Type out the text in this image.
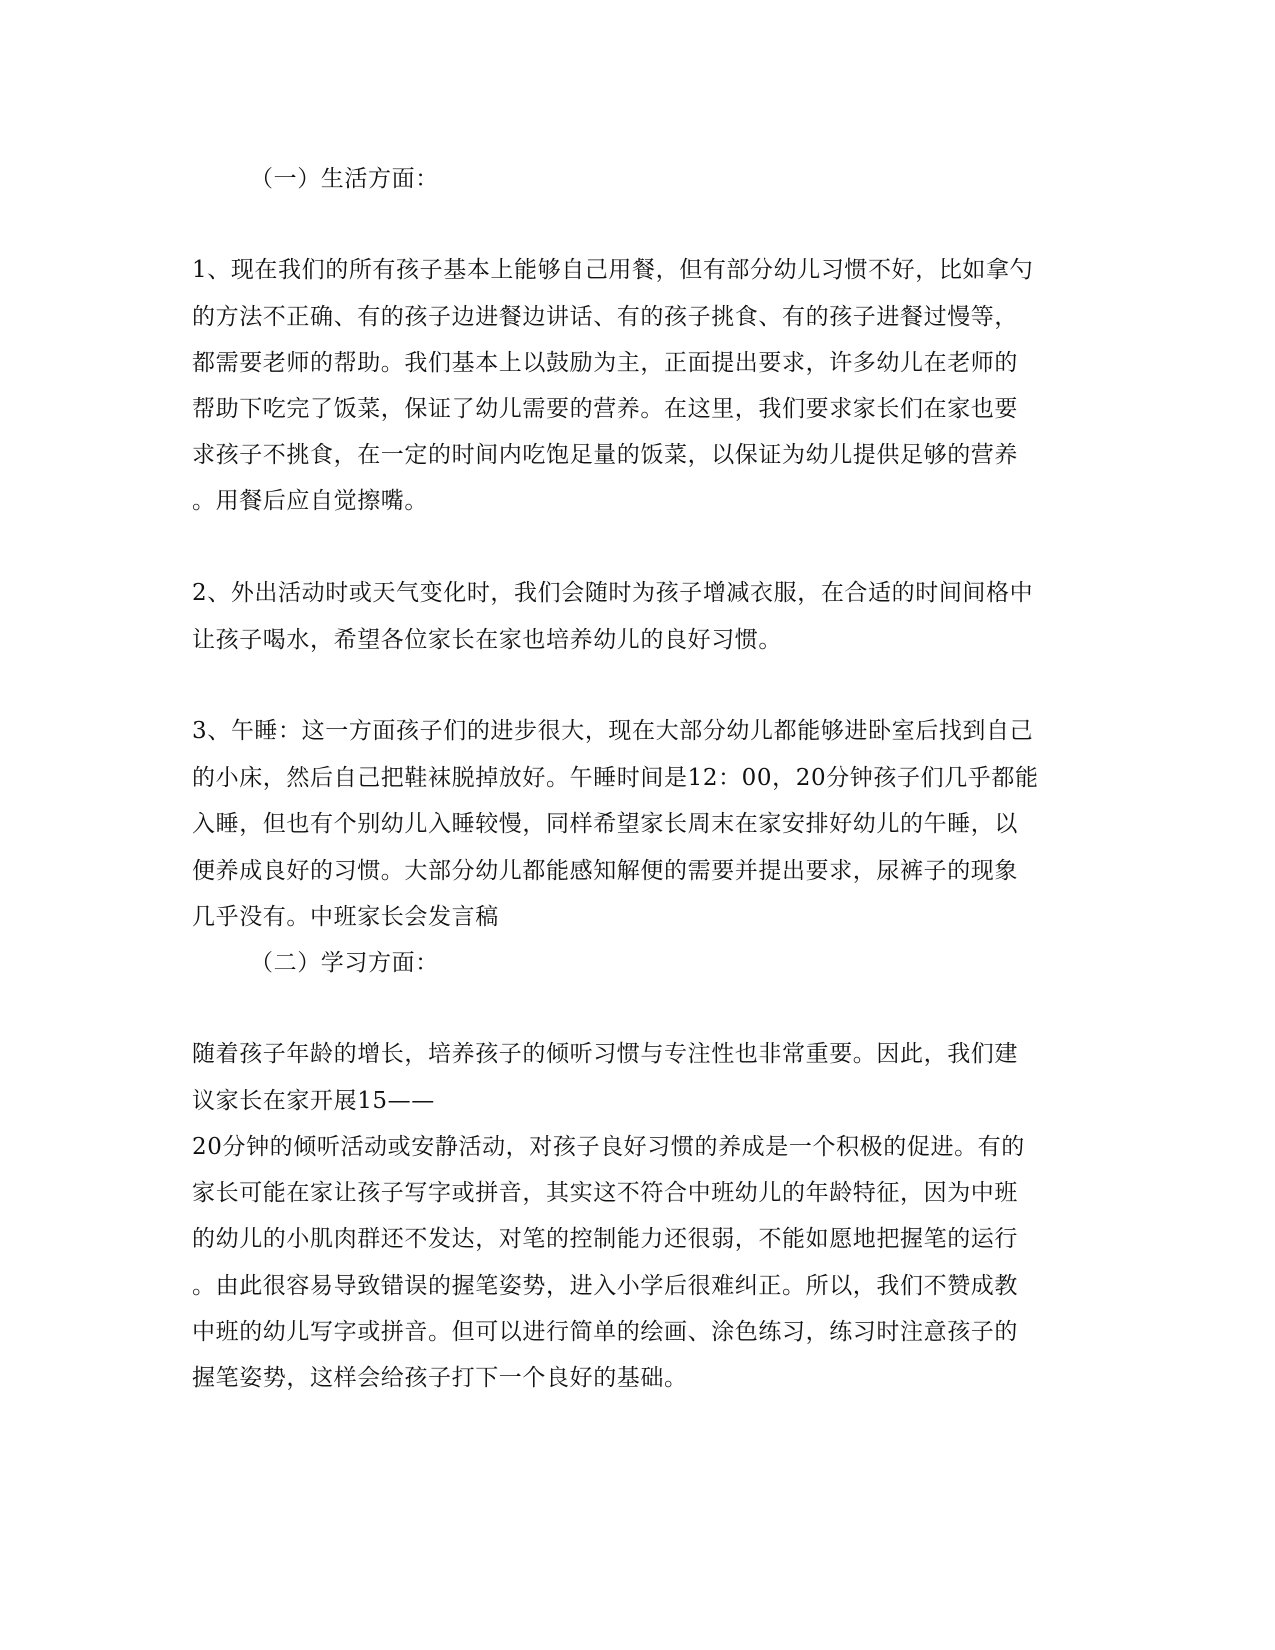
（一）生活方面：
1、现在我们的所有孩子基本上能够自己用餐，但有部分幼儿习惯不好，比如拿勺
的方法不正确、有的孩子边进餐边讲话、有的孩子挑食、有的孩子进餐过慢等，
都需要老师的帮助。我们基本上以鼓励为主，正面提出要求，许多幼儿在老师的
帮助下吃完了饭菜，保证了幼儿需要的营养。在这里，我们要求家长们在家也要
求孩子不挑食，在一定的时间内吃饱足量的饭菜，以保证为幼儿提供足够的营养
。用餐后应自觉擦嘴。
2、外出活动时或天气变化时，我们会随时为孩子增减衣服，在合适的时间间格中
让孩子喝水，希望各位家长在家也培养幼儿的良好习惯。
3、午睡：这一方面孩子们的进步很大，现在大部分幼儿都能够进卧室后找到自己
的小床，然后自己把鞋袜脱掉放好。午睡时间是12：00，20分钟孩子们几乎都能
入睡，但也有个别幼儿入睡较慢，同样希望家长周末在家安排好幼儿的午睡，以
便养成良好的习惯。大部分幼儿都能感知解便的需要并提出要求，尿裤子的现象
几乎没有。中班家长会发言稿
（二）学习方面：
随着孩子年龄的增长，培养孩子的倾听习惯与专注性也非常重要。因此，我们建
议家长在家开展15——
20分钟的倾听活动或安静活动，对孩子良好习惯的养成是一个积极的促进。有的
家长可能在家让孩子写字或拼音，其实这不符合中班幼儿的年龄特征，因为中班
的幼儿的小肌肉群还不发达，对笔的控制能力还很弱，不能如愿地把握笔的运行
。由此很容易导致错误的握笔姿势，进入小学后很难纠正。所以，我们不赞成教
中班的幼儿写字或拼音。但可以进行简单的绘画、涂色练习，练习时注意孩子的
握笔姿势，这样会给孩子打下一个良好的基础。
